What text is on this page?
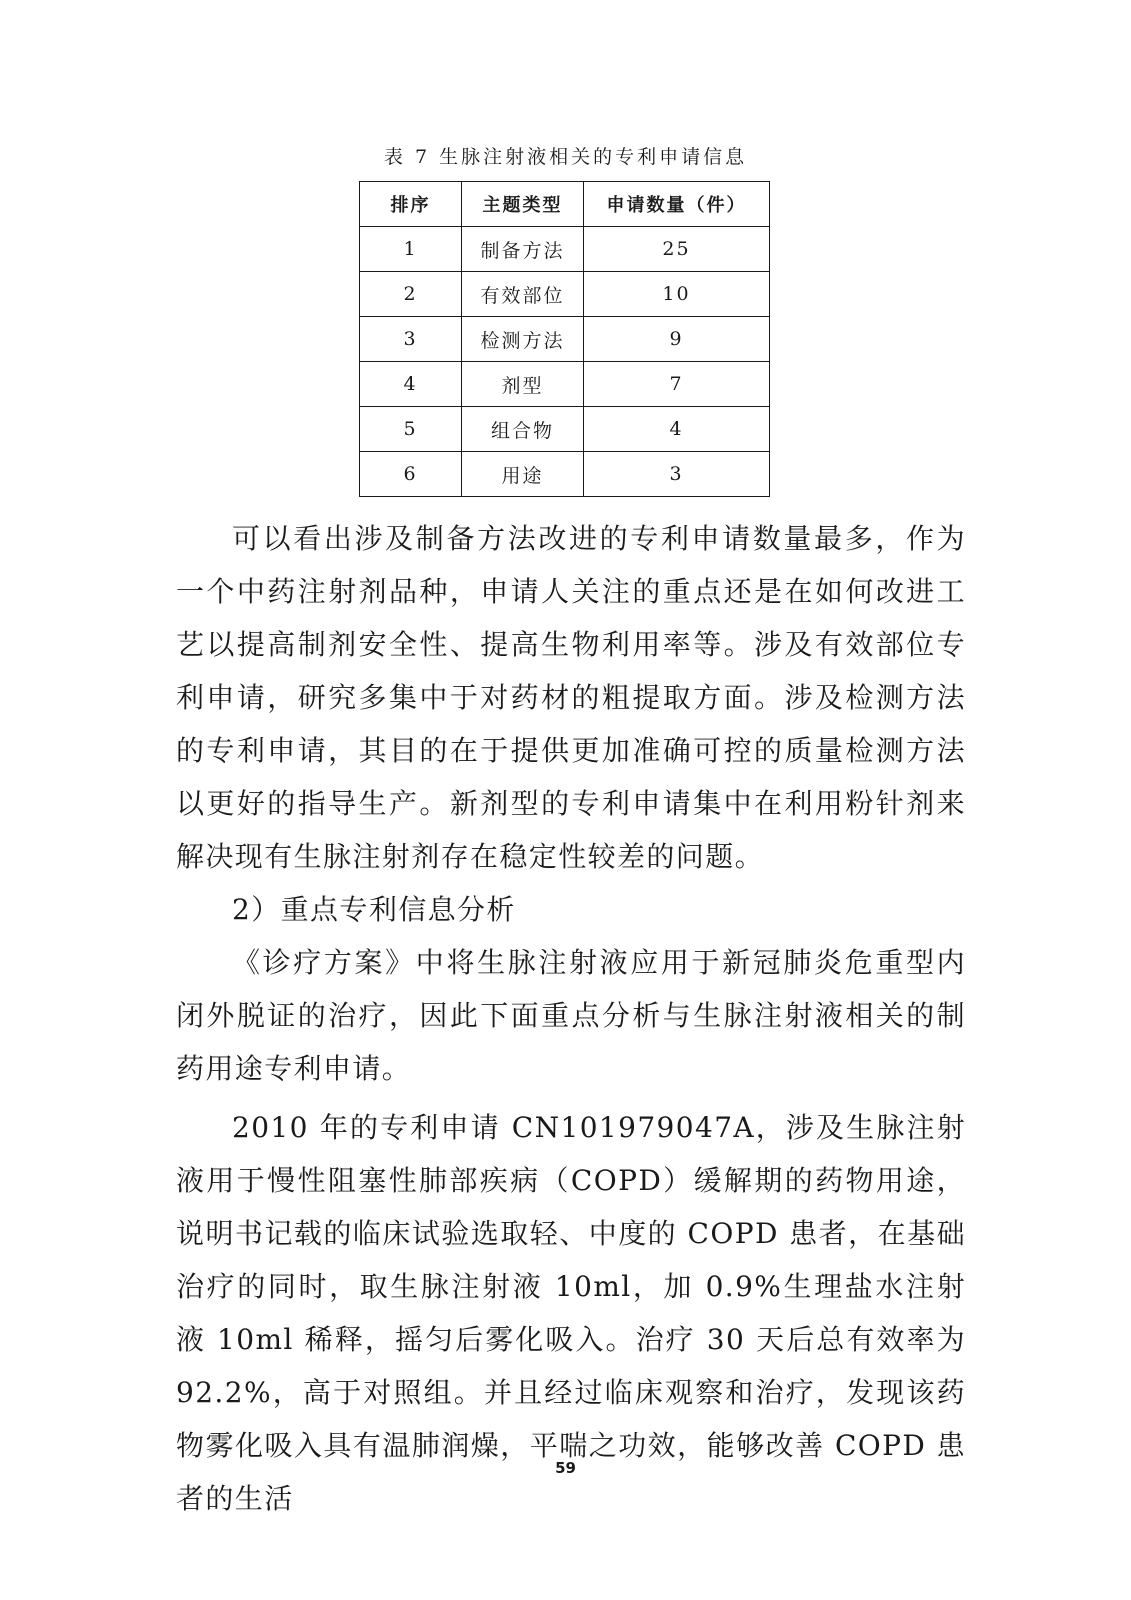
表 7 生脉注射液相关的专利申请信息
排序	主题类型	申请数量（件）
1	制备方法	25
2	有效部位	10
3	检测方法	9
4	剂型	7
5	组合物	4
6	用途	3

可以看出涉及制备方法改进的专利申请数量最多，作为一个中药注射剂品种，申请人关注的重点还是在如何改进工艺以提高制剂安全性、提高生物利用率等。涉及有效部位专利申请，研究多集中于对药材的粗提取方面。涉及检测方法的专利申请，其目的在于提供更加准确可控的质量检测方法以更好的指导生产。新剂型的专利申请集中在利用粉针剂来解决现有生脉注射剂存在稳定性较差的问题。

2）重点专利信息分析

《诊疗方案》中将生脉注射液应用于新冠肺炎危重型内闭外脱证的治疗，因此下面重点分析与生脉注射液相关的制药用途专利申请。

2010 年的专利申请 CN101979047A，涉及生脉注射液用于慢性阻塞性肺部疾病（COPD）缓解期的药物用途，说明书记载的临床试验选取轻、中度的 COPD 患者，在基础治疗的同时，取生脉注射液 10ml，加 0.9%生理盐水注射液 10ml 稀释，摇匀后雾化吸入。治疗 30 天后总有效率为 92.2%，高于对照组。并且经过临床观察和治疗，发现该药物雾化吸入具有温肺润燥，平喘之功效，能够改善 COPD 患者的生活

59
